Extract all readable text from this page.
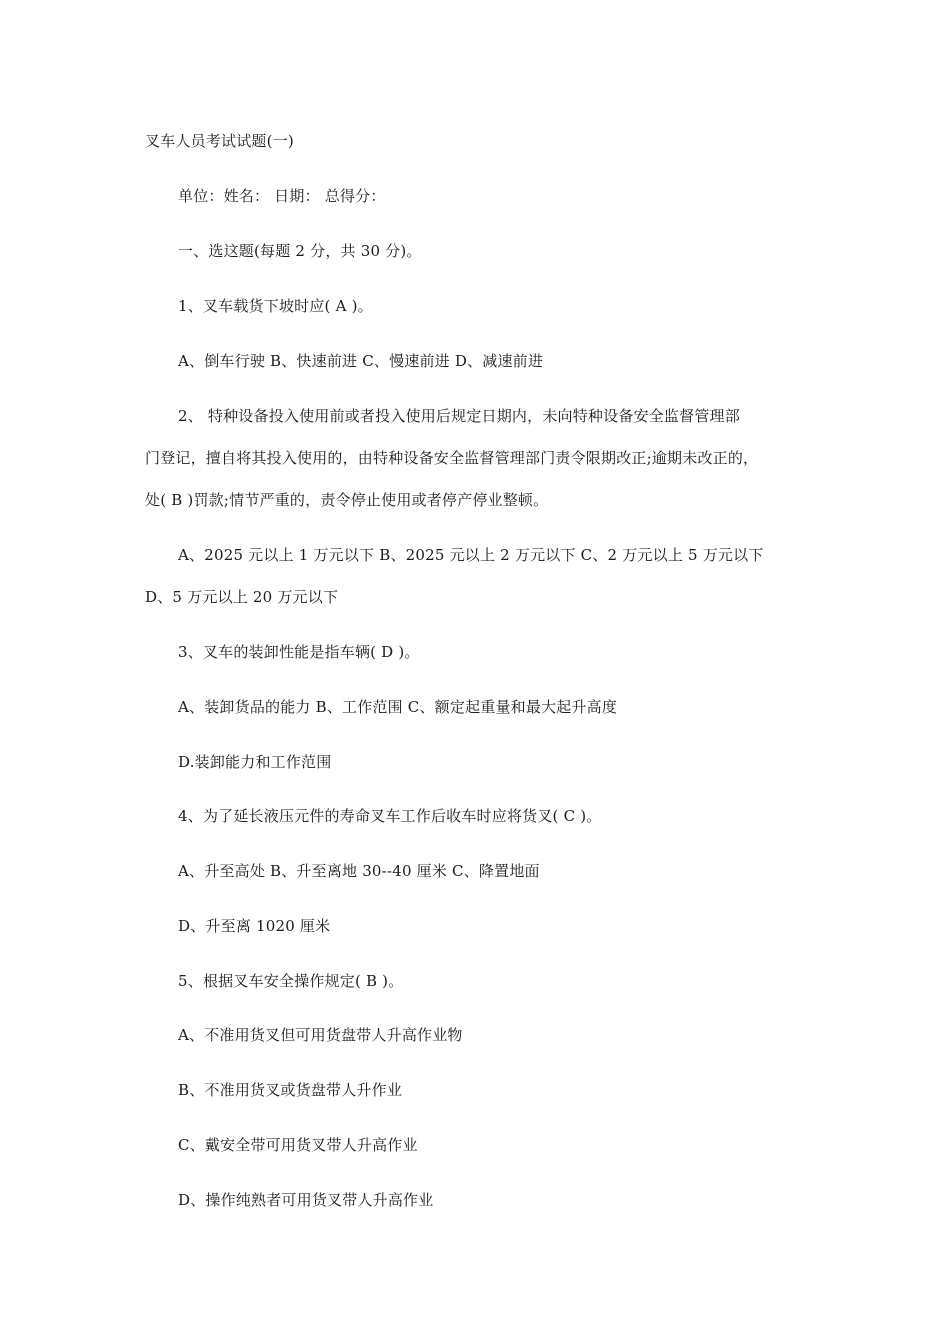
叉车人员考试试题(一)
单位：姓名： 日期： 总得分：
一、选这题(每题 2 分，共 30 分)。
1、叉车载货下坡时应( A )。
A、倒车行驶 B、快速前进 C、慢速前进 D、减速前进
2、 特种设备投入使用前或者投入使用后规定日期内，未向特种设备安全监督管理部
门登记，擅自将其投入使用的，由特种设备安全监督管理部门责令限期改正;逾期未改正的，
处( B )罚款;情节严重的，责令停止使用或者停产停业整顿。
A、2025 元以上 1 万元以下 B、2025 元以上 2 万元以下 C、2 万元以上 5 万元以下
D、5 万元以上 20 万元以下
3、叉车的装卸性能是指车辆( D )。
A、装卸货品的能力 B、工作范围 C、额定起重量和最大起升高度
D.装卸能力和工作范围
4、为了延长液压元件的寿命叉车工作后收车时应将货叉( C )。
A、升至高处 B、升至离地 30--40 厘米 C、降置地面
D、升至离 1020 厘米
5、根据叉车安全操作规定( B )。
A、不准用货叉但可用货盘带人升高作业物
B、不准用货叉或货盘带人升作业
C、戴安全带可用货叉带人升高作业
D、操作纯熟者可用货叉带人升高作业
